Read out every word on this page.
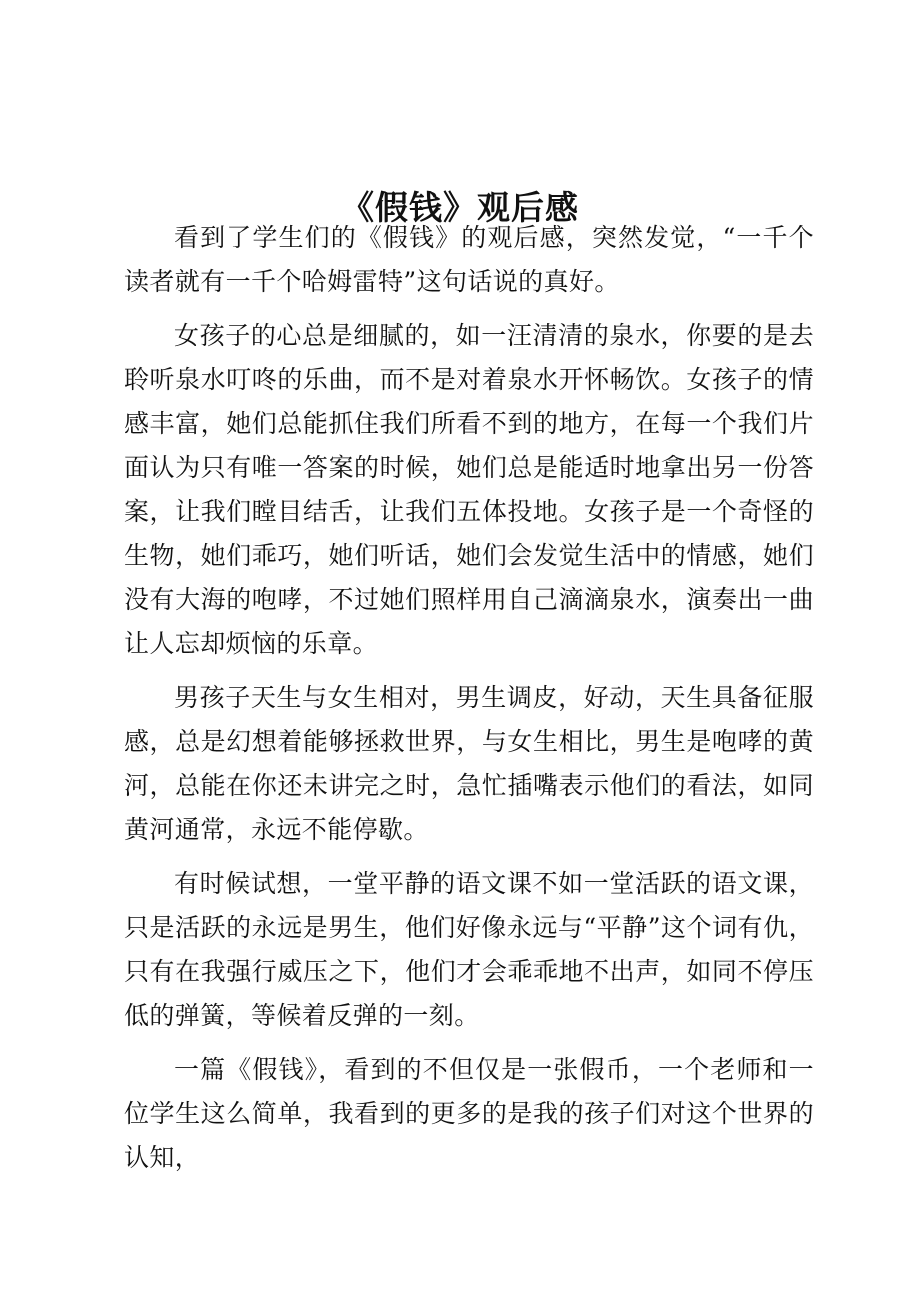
《假钱》观后感

看到了学生们的《假钱》的观后感，突然发觉，“一千个读者就有一千个哈姆雷特”这句话说的真好。

女孩子的心总是细腻的，如一汪清清的泉水，你要的是去聆听泉水叮咚的乐曲，而不是对着泉水开怀畅饮。女孩子的情感丰富，她们总能抓住我们所看不到的地方，在每一个我们片面认为只有唯一答案的时候，她们总是能适时地拿出另一份答案，让我们瞠目结舌，让我们五体投地。女孩子是一个奇怪的生物，她们乖巧，她们听话，她们会发觉生活中的情感，她们没有大海的咆哮，不过她们照样用自己滴滴泉水，演奏出一曲让人忘却烦恼的乐章。

男孩子天生与女生相对，男生调皮，好动，天生具备征服感，总是幻想着能够拯救世界，与女生相比，男生是咆哮的黄河，总能在你还未讲完之时，急忙插嘴表示他们的看法，如同黄河通常，永远不能停歇。

有时候试想，一堂平静的语文课不如一堂活跃的语文课，只是活跃的永远是男生，他们好像永远与“平静”这个词有仇，只有在我强行威压之下，他们才会乖乖地不出声，如同不停压低的弹簧，等候着反弹的一刻。

一篇《假钱》，看到的不但仅是一张假币，一个老师和一位学生这么简单，我看到的更多的是我的孩子们对这个世界的认知，
